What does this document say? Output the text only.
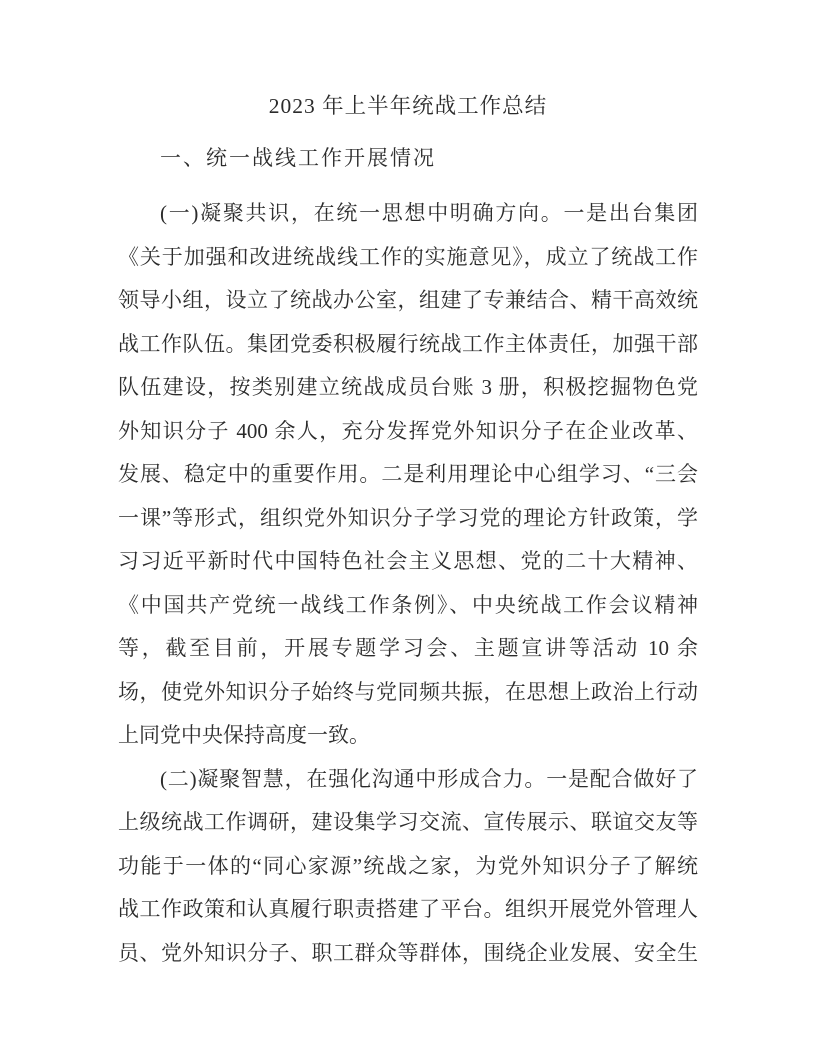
2023 年上半年统战工作总结
一、统一战线工作开展情况
(一)凝聚共识，在统一思想中明确方向。一是出台集团
《关于加强和改进统战线工作的实施意见》，成立了统战工作
领导小组，设立了统战办公室，组建了专兼结合、精干高效统
战工作队伍。集团党委积极履行统战工作主体责任，加强干部
队伍建设，按类别建立统战成员台账 3 册，积极挖掘物色党
外知识分子 400 余人，充分发挥党外知识分子在企业改革、
发展、稳定中的重要作用。二是利用理论中心组学习、“三会
一课”等形式，组织党外知识分子学习党的理论方针政策，学
习习近平新时代中国特色社会主义思想、党的二十大精神、
《中国共产党统一战线工作条例》、中央统战工作会议精神
等，截至目前，开展专题学习会、主题宣讲等活动 10 余
场，使党外知识分子始终与党同频共振，在思想上政治上行动
上同党中央保持高度一致。
(二)凝聚智慧，在强化沟通中形成合力。一是配合做好了
上级统战工作调研，建设集学习交流、宣传展示、联谊交友等
功能于一体的“同心家源”统战之家，为党外知识分子了解统
战工作政策和认真履行职责搭建了平台。组织开展党外管理人
员、党外知识分子、职工群众等群体，围绕企业发展、安全生
